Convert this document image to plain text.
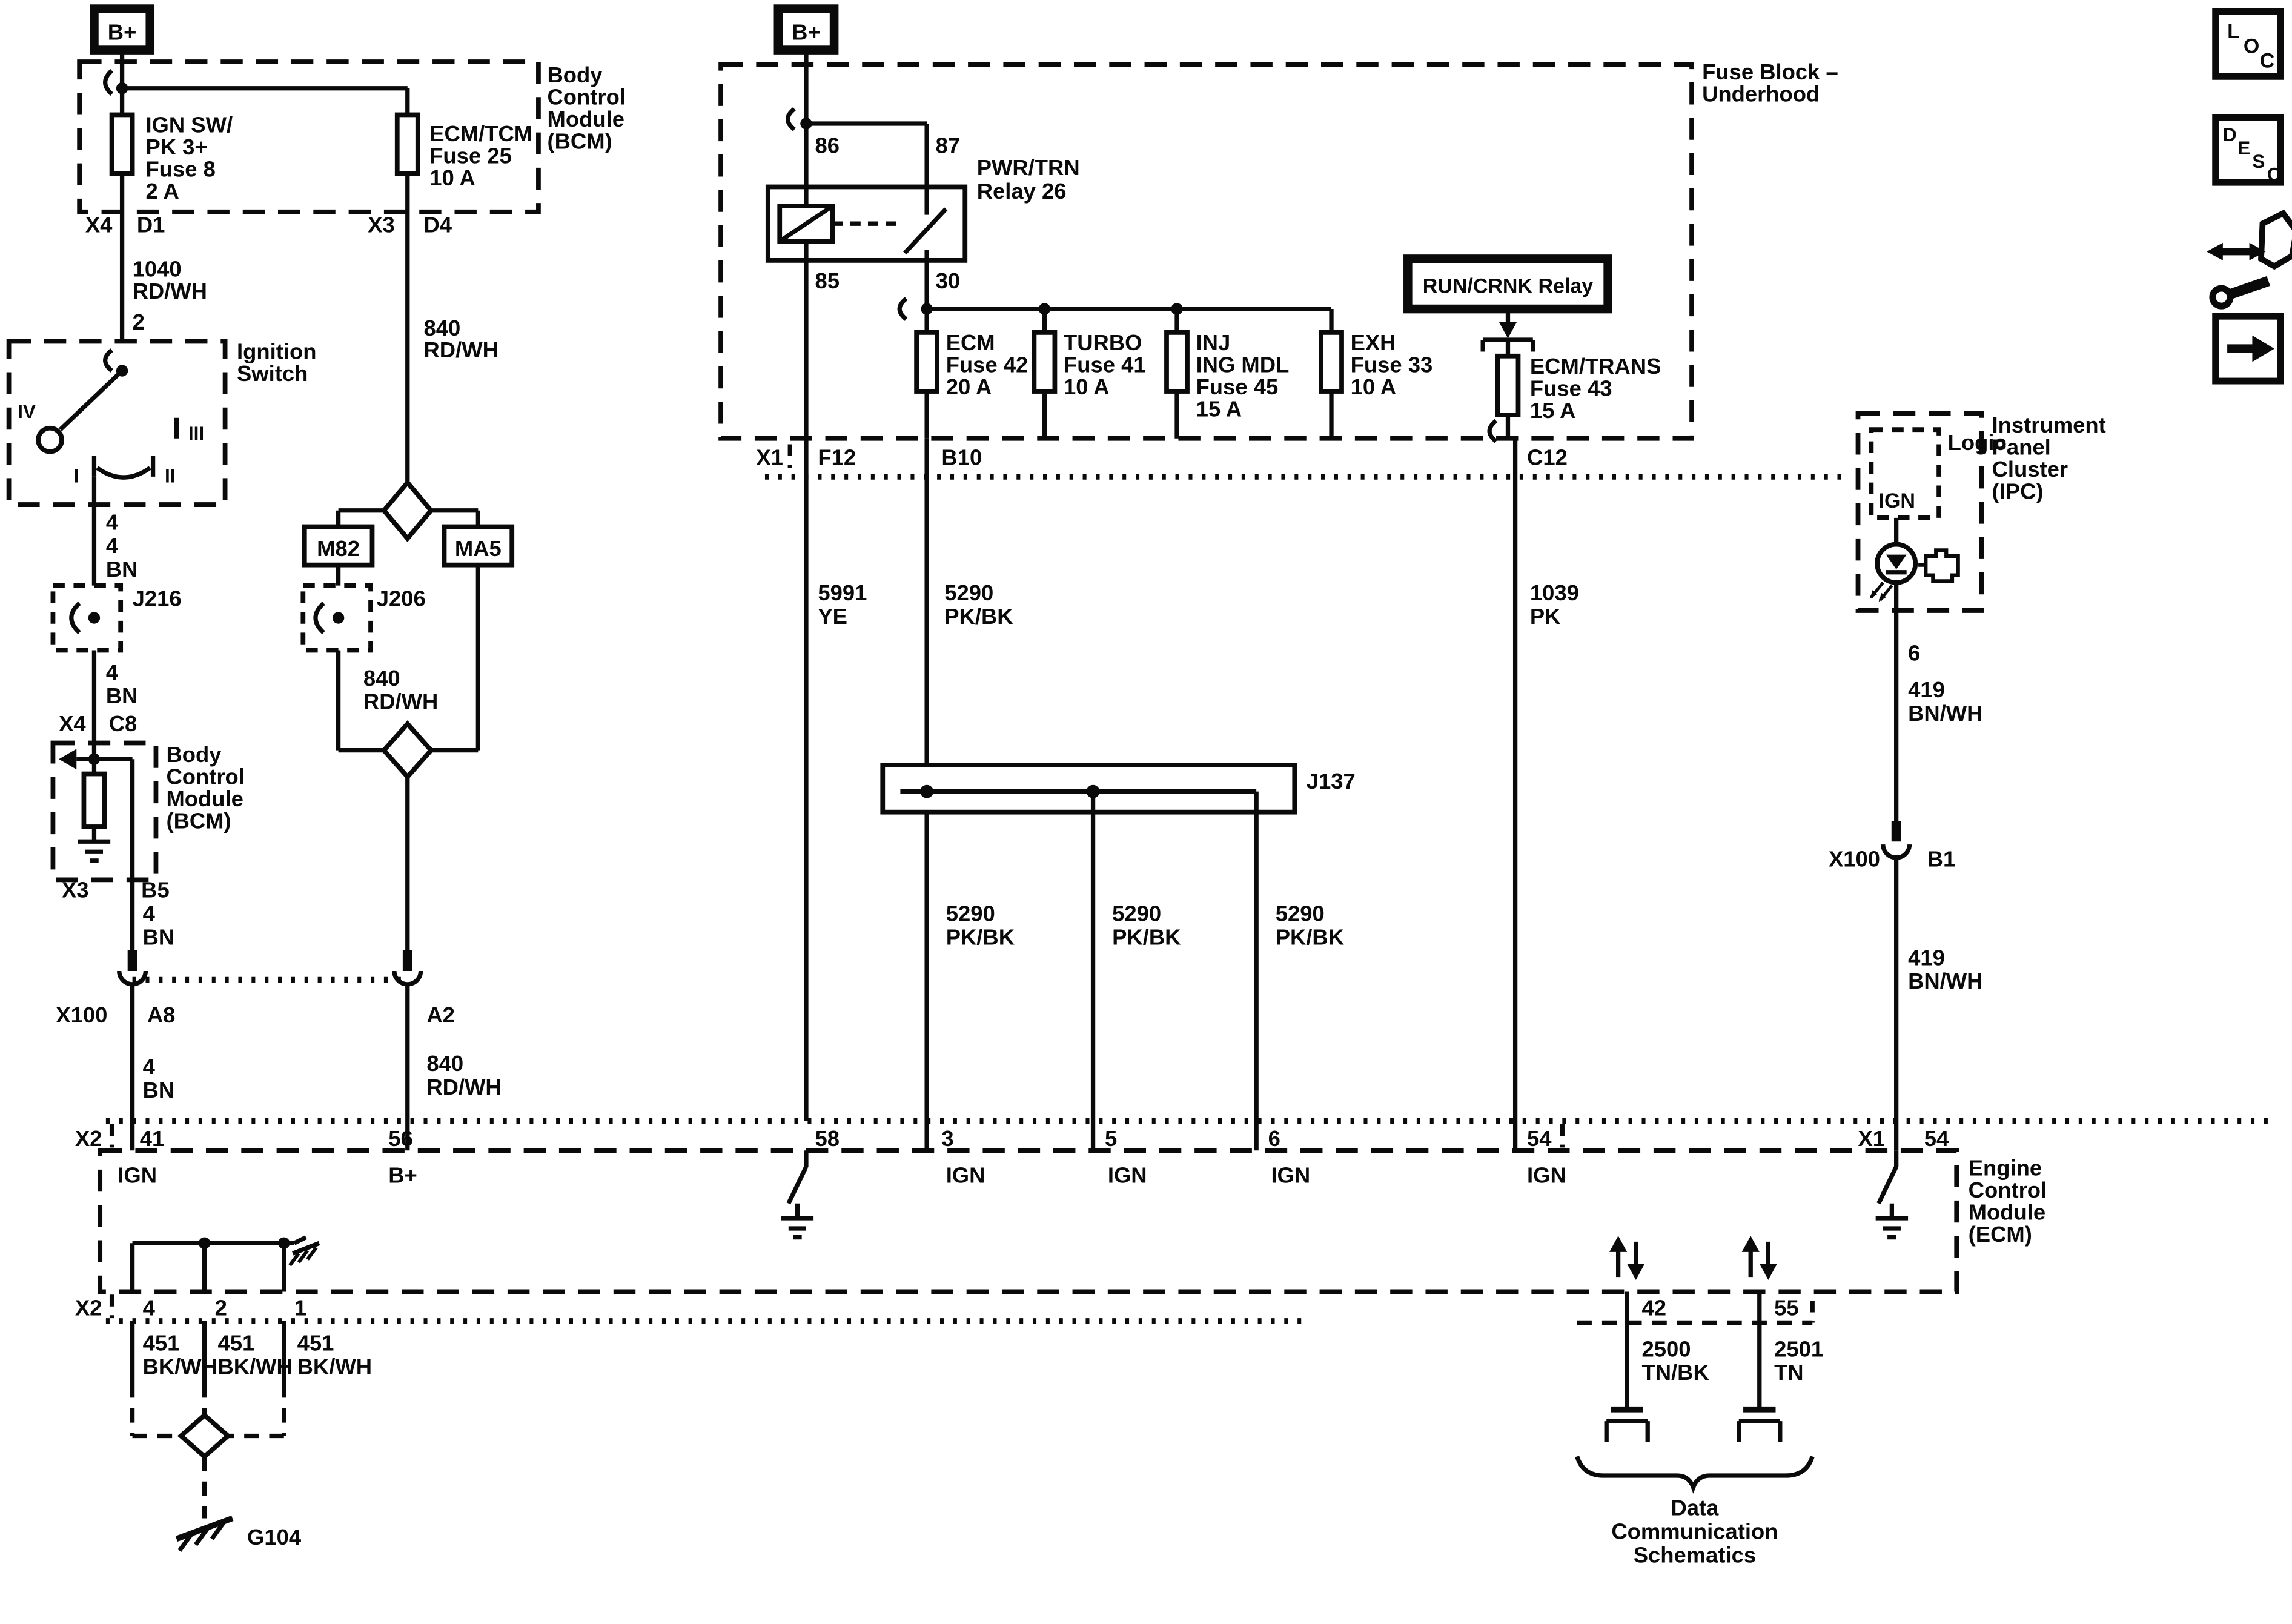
B+
Body
Control
Module
(BCM)
IGN SW/
PK 3+
Fuse 8
2 A
ECM/TCM
Fuse 25
10 A
X4	D1	X3	D4
1040
RD/WH
2	840
RD/WH
Ignition
Switch
IV
III
I	II
4
4
BN
J216
4
BN
X4	C8
Body
Control
Module
(BCM)
X3	B5
4
BN
M82	MA5
J206
840
RD/WH
X100	A8	A2
4
BN
840
RD/WH
B+
Fuse Block –
Underhood
86	87
PWR/TRN
Relay 26
85	30
ECM
Fuse 42
20 A
TURBO
Fuse 41
10 A
INJ
ING MDL
Fuse 45
15 A
EXH
Fuse 33
10 A
RUN/CRNK Relay
ECM/TRANS
Fuse 43
15 A
X1	F12	B10	C12
5991
YE
5290
PK/BK
1039
PK
J137
5290
PK/BK
5290
PK/BK
5290
PK/BK
Instrument
Panel
Cluster
(IPC)
Logic
IGN
6
419
BN/WH
X100	B1
419
BN/WH
X2	41	56	58	3	5	6	54	X1	54
Engine
Control
Module
(ECM)
IGN	B+	IGN	IGN	IGN	IGN
X2	4	2	1	42	55
451
BK/WH
451
BK/WH
451
BK/WH
G104
2500
TN/BK
2501
TN
Data
Communication
Schematics
L
O
C
D
E
S
C
